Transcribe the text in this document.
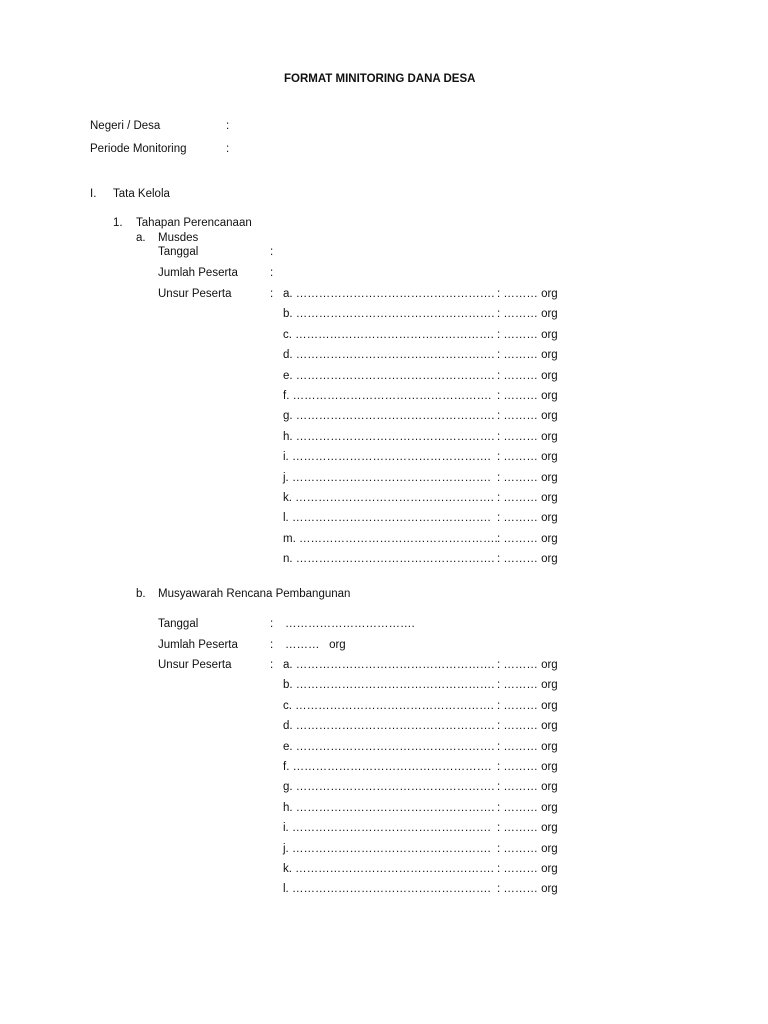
FORMAT MINITORING DANA DESA
Negeri / Desa	:
Periode Monitoring	:
I. Tata Kelola
1. Tahapan Perencanaan
a. Musdes
Tanggal	:
Jumlah Peserta	:
Unsur Peserta	: a. ……………………………………………. : ……… org
b. ……………………………………………. : ……… org
c. ……………………………………………. : ……… org
d. ……………………………………………. : ……… org
e. ……………………………………………. : ……… org
f. ……………………………………………. : ……… org
g. ……………………………………………. : ……… org
h. ……………………………………………. : ……… org
i. ……………………………………………. : ……… org
j. ……………………………………………. : ……… org
k. ……………………………………………. : ……… org
l. ……………………………………………. : ……… org
m. ……………………………………………. : ……… org
n. ……………………………………………. : ……… org
b. Musyawarah Rencana Pembangunan
Tanggal	: …………………………….
Jumlah Peserta	: ………   org
Unsur Peserta	: a. ……………………………………………. : ……… org
b. ……………………………………………. : ……… org
c. ……………………………………………. : ……… org
d. ……………………………………………. : ……… org
e. ……………………………………………. : ……… org
f. ……………………………………………. : ……… org
g. ……………………………………………. : ……… org
h. ……………………………………………. : ……… org
i. ……………………………………………. : ……… org
j. ……………………………………………. : ……… org
k. ……………………………………………. : ……… org
l. ……………………………………………. : ……… org
